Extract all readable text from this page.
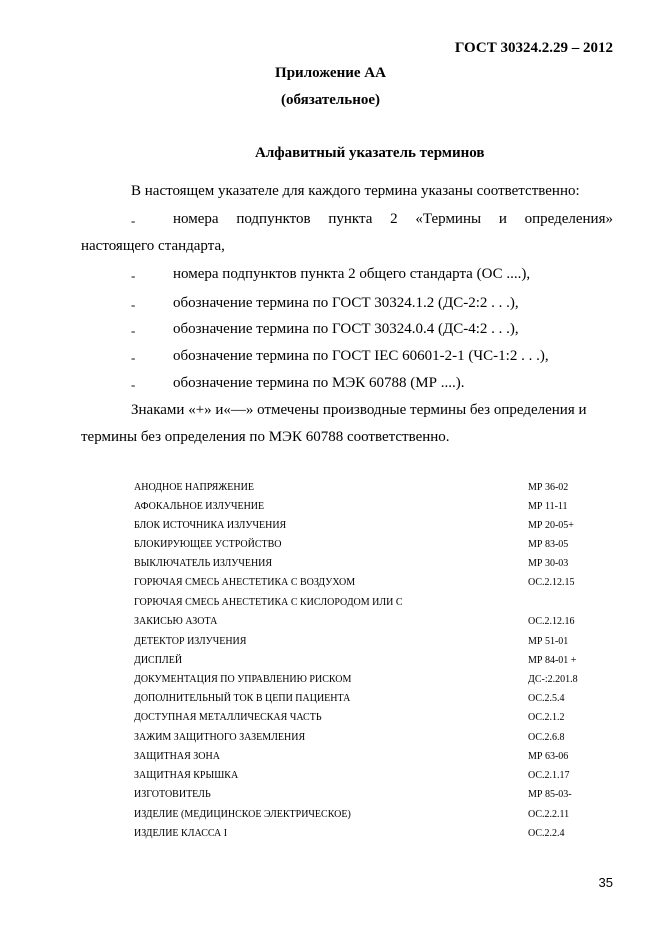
ГОСТ 30324.2.29 – 2012
Приложение АА
(обязательное)
Алфавитный указатель терминов
В настоящем указателе для каждого термина указаны соответственно:
-	номера подпунктов пункта 2 «Термины и определения»
настоящего стандарта,
-	номера подпунктов пункта 2 общего стандарта (ОС ....),
-	обозначение термина по ГОСТ 30324.1.2 (ДС-2:2 . . .),
-	обозначение термина по ГОСТ 30324.0.4 (ДС-4:2 . . .),
-	обозначение термина по ГОСТ IEC 60601-2-1 (ЧС-1:2 . . .),
-	обозначение термина по МЭК 60788 (МР ....).
Знаками «+» и«—» отмечены производные термины без определения и
термины без определения по МЭК 60788 соответственно.
АНОДНОЕ НАПРЯЖЕНИЕ	МР 36-02
АФОКАЛЬНОЕ ИЗЛУЧЕНИЕ	МР 11-11
БЛОК ИСТОЧНИКА ИЗЛУЧЕНИЯ	МР 20-05+
БЛОКИРУЮЩЕЕ УСТРОЙСТВО	МР 83-05
ВЫКЛЮЧАТЕЛЬ ИЗЛУЧЕНИЯ	МР 30-03
ГОРЮЧАЯ СМЕСЬ АНЕСТЕТИКА С ВОЗДУХОМ	ОС.2.12.15
ГОРЮЧАЯ СМЕСЬ АНЕСТЕТИКА С КИСЛОРОДОМ ИЛИ С
ЗАКИСЬЮ АЗОТА	ОС.2.12.16
ДЕТЕКТОР ИЗЛУЧЕНИЯ	МР 51-01
ДИСПЛЕЙ	МР 84-01 +
ДОКУМЕНТАЦИЯ ПО УПРАВЛЕНИЮ РИСКОМ	ДС-:2.201.8
ДОПОЛНИТЕЛЬНЫЙ ТОК В ЦЕПИ ПАЦИЕНТА	ОС.2.5.4
ДОСТУПНАЯ МЕТАЛЛИЧЕСКАЯ ЧАСТЬ	ОС.2.1.2
ЗАЖИМ ЗАЩИТНОГО ЗАЗЕМЛЕНИЯ	ОС.2.6.8
ЗАЩИТНАЯ ЗОНА	МР 63-06
ЗАЩИТНАЯ КРЫШКА	ОС.2.1.17
ИЗГОТОВИТЕЛЬ	МР 85-03-
ИЗДЕЛИЕ (МЕДИЦИНСКОЕ ЭЛЕКТРИЧЕСКОЕ)	ОС.2.2.11
ИЗДЕЛИЕ КЛАССА I	ОС.2.2.4
35
